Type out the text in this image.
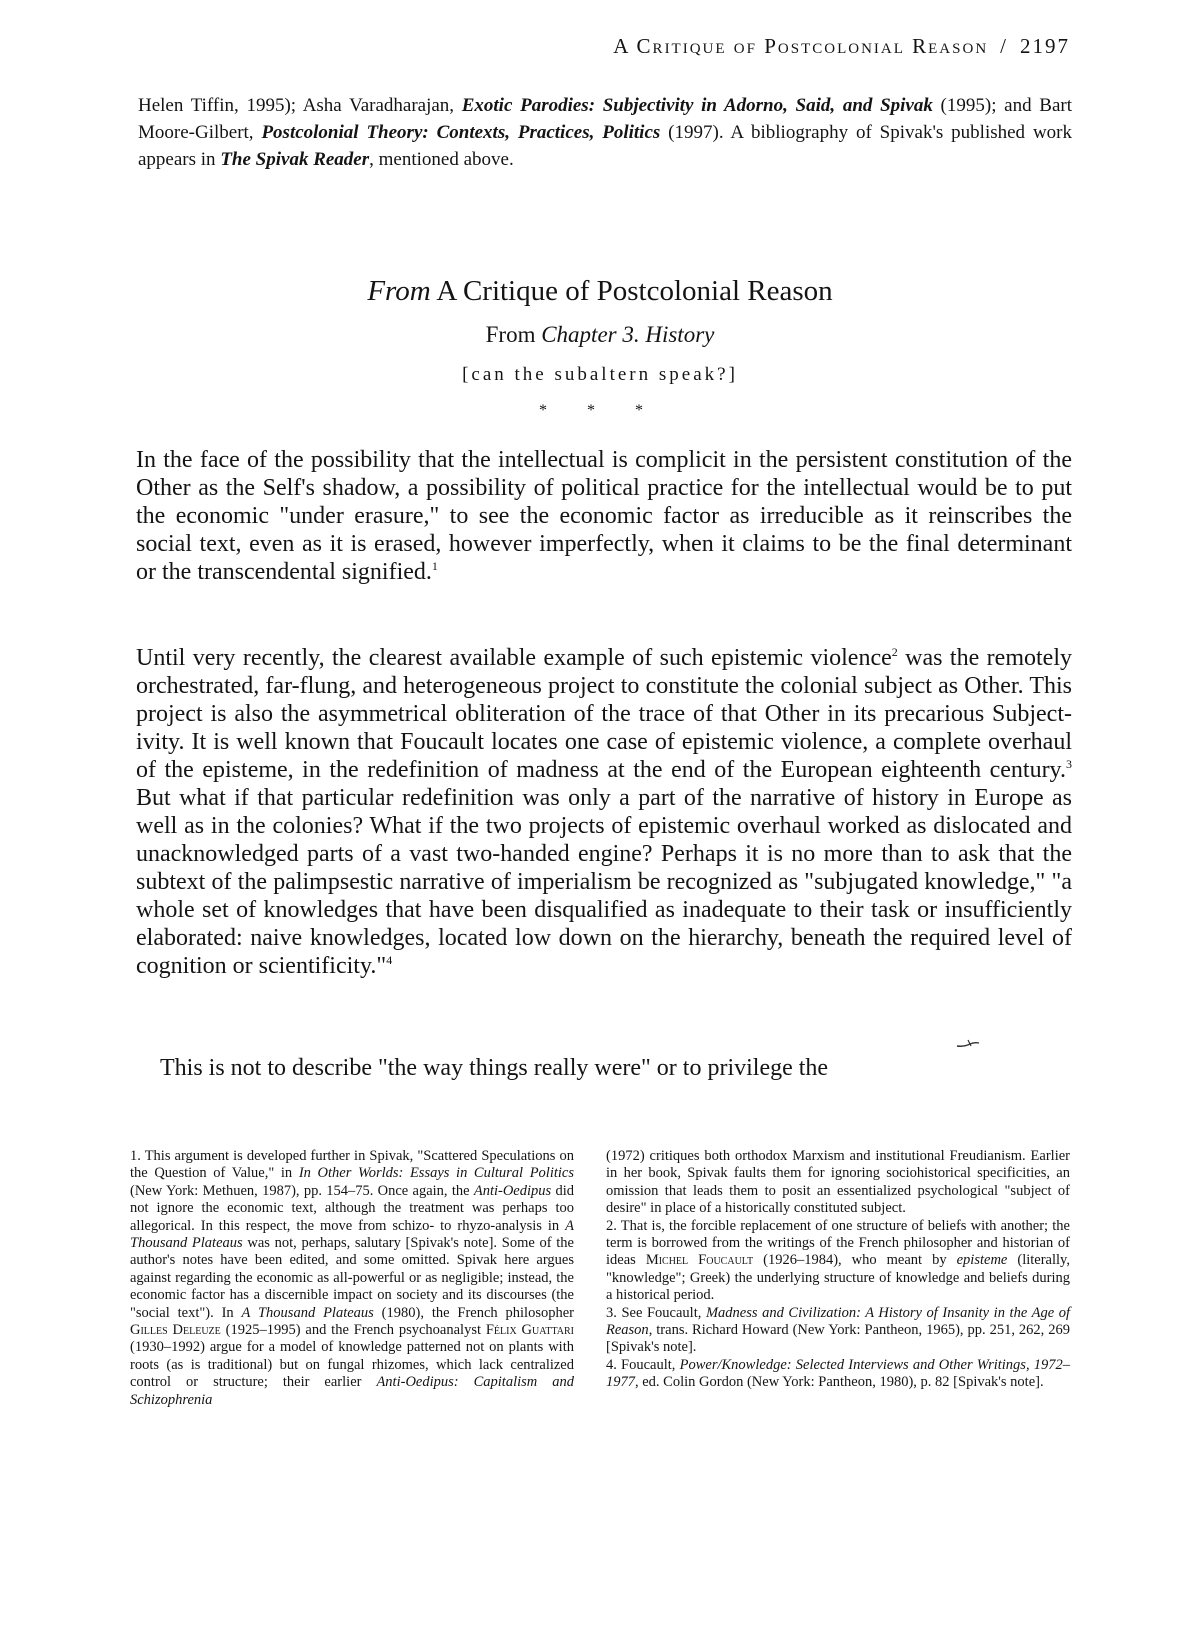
A Critique of Postcolonial Reason / 2197
Helen Tiffin, 1995); Asha Varadharajan, Exotic Parodies: Subjectivity in Adorno, Said, and Spivak (1995); and Bart Moore-Gilbert, Postcolonial Theory: Contexts, Practices, Politics (1997). A bibliography of Spivak's published work appears in The Spivak Reader, mentioned above.
From A Critique of Postcolonial Reason
From Chapter 3. History
[can the subaltern speak?]
* * *
In the face of the possibility that the intellectual is complicit in the persistent constitution of the Other as the Self's shadow, a possibility of political practice for the intellectual would be to put the economic "under erasure," to see the economic factor as irreducible as it reinscribes the social text, even as it is erased, however imperfectly, when it claims to be the final determinant or the transcendental signified.$^1$
Until very recently, the clearest available example of such epistemic violence$^2$ was the remotely orchestrated, far-flung, and heterogeneous project to constitute the colonial subject as Other. This project is also the asymmetrical obliteration of the trace of that Other in its precarious Subject-ivity. It is well known that Foucault locates one case of epistemic violence, a complete overhaul of the episteme, in the redefinition of madness at the end of the European eighteenth century.$^3$ But what if that particular redefinition was only a part of the narrative of history in Europe as well as in the colonies? What if the two projects of epistemic overhaul worked as dislocated and unacknowledged parts of a vast two-handed engine? Perhaps it is no more than to ask that the subtext of the palimpsestic narrative of imperialism be recognized as "subjugated knowledge," "a whole set of knowledges that have been disqualified as inadequate to their task or insufficiently elaborated: naive knowledges, located low down on the hierarchy, beneath the required level of cognition or scientificity."$^4$
This is not to describe "the way things really were" or to privilege the

1. This argument is developed further in Spivak, "Scattered Speculations on the Question of Value," in In Other Worlds: Essays in Cultural Politics (New York: Methuen, 1987), pp. 154–75. Once again, the Anti-Oedipus did not ignore the economic text, although the treatment was perhaps too allegorical. In this respect, the move from schizo- to rhyzo-analysis in A Thousand Plateaus was not, perhaps, salutary [Spivak's note]. Some of the author's notes have been edited, and some omitted. Spivak here argues against regarding the economic as all-powerful or as negligible; instead, the economic factor has a discernible impact on society and its discourses (the "social text"). In A Thousand Plateaus (1980), the French philosopher Gilles Deleuze (1925–1995) and the French psychoanalyst Félix Guattari (1930–1992) argue for a model of knowledge patterned not on plants with roots (as is traditional) but on fungal rhizomes, which lack centralized control or structure; their earlier Anti-Oedipus: Capitalism and Schizophrenia

(1972) critiques both orthodox Marxism and institutional Freudianism. Earlier in her book, Spivak faults them for ignoring sociohistorical specificities, an omission that leads them to posit an essentialized psychological "subject of desire" in place of a historically constituted subject.

2. That is, the forcible replacement of one structure of beliefs with another; the term is borrowed from the writings of the French philosopher and historian of ideas Michel Foucault (1926–1984), who meant by episteme (literally, "knowledge"; Greek) the underlying structure of knowledge and beliefs during a historical period.

3. See Foucault, Madness and Civilization: A History of Insanity in the Age of Reason, trans. Richard Howard (New York: Pantheon, 1965), pp. 251, 262, 269 [Spivak's note].

4. Foucault, Power/Knowledge: Selected Interviews and Other Writings, 1972–1977, ed. Colin Gordon (New York: Pantheon, 1980), p. 82 [Spivak's note].
